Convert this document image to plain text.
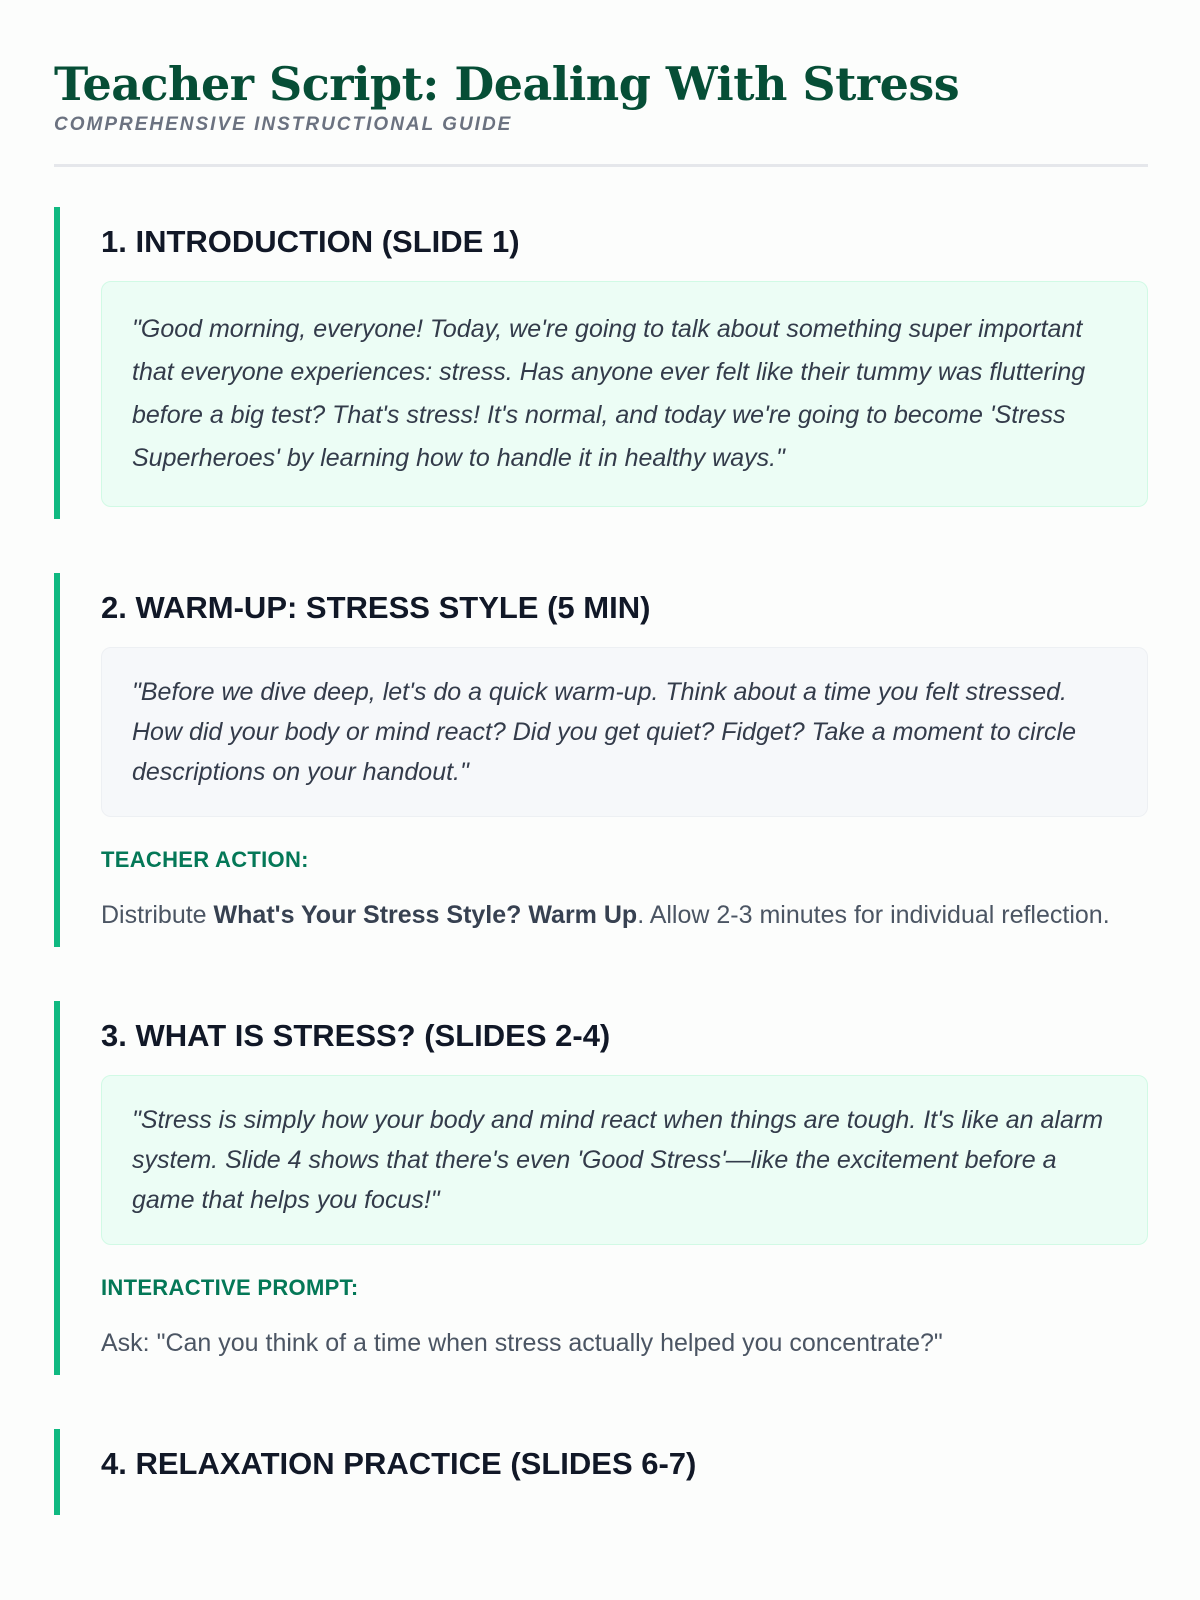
Teacher Script: Dealing With Stress
COMPREHENSIVE INSTRUCTIONAL GUIDE
1. INTRODUCTION (SLIDE 1)
"Good morning, everyone! Today, we're going to talk about something super important that everyone experiences: stress. Has anyone ever felt like their tummy was fluttering before a big test? That's stress! It's normal, and today we're going to become 'Stress Superheroes' by learning how to handle it in healthy ways."
2. WARM-UP: STRESS STYLE (5 MIN)
"Before we dive deep, let's do a quick warm-up. Think about a time you felt stressed. How did your body or mind react? Did you get quiet? Fidget? Take a moment to circle descriptions on your handout."
TEACHER ACTION:

Distribute What's Your Stress Style? Warm Up. Allow 2-3 minutes for individual reflection.

3. WHAT IS STRESS? (SLIDES 2-4)
"Stress is simply how your body and mind react when things are tough. It's like an alarm system. Slide 4 shows that there's even 'Good Stress'—like the excitement before a game that helps you focus!"
INTERACTIVE PROMPT:

Ask: "Can you think of a time when stress actually helped you concentrate?"

4. RELAXATION PRACTICE (SLIDES 6-7)
